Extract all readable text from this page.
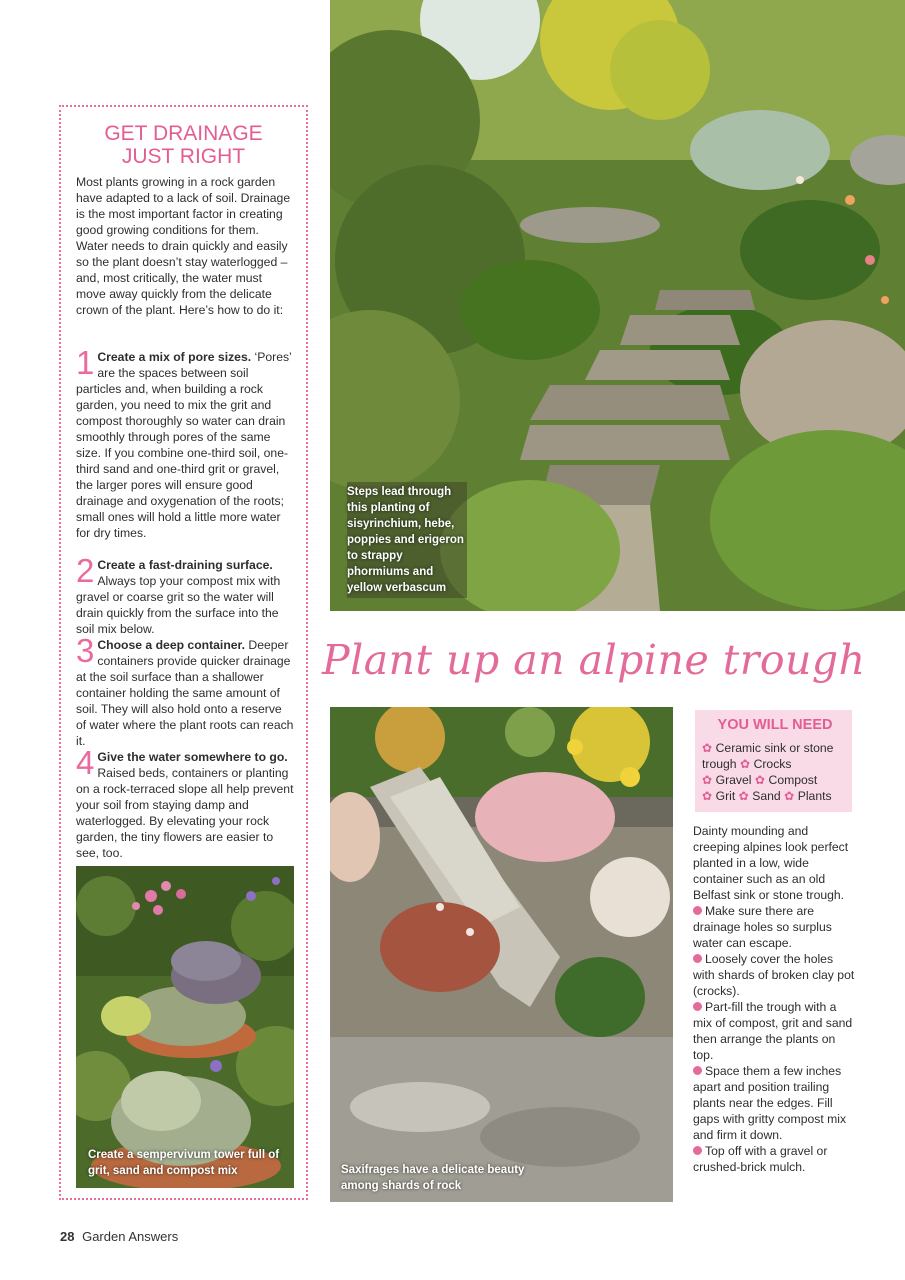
GET DRAINAGE
JUST RIGHT
Most plants growing in a rock garden have adapted to a lack of soil. Drainage is the most important factor in creating good growing conditions for them. Water needs to drain quickly and easily so the plant doesn’t stay waterlogged – and, most critically, the water must move away quickly from the delicate crown of the plant. Here’s how to do it:
1 Create a mix of pore sizes. ‘Pores’ are the spaces between soil particles and, when building a rock garden, you need to mix the grit and compost thoroughly so water can drain smoothly through pores of the same size. If you combine one-third soil, one-third sand and one-third grit or gravel, the larger pores will ensure good drainage and oxygenation of the roots; small ones will hold a little more water for dry times.
2 Create a fast-draining surface. Always top your compost mix with gravel or coarse grit so the water will drain quickly from the surface into the soil mix below.
3 Choose a deep container. Deeper containers provide quicker drainage at the soil surface than a shallower container holding the same amount of soil. They will also hold onto a reserve of water where the plant roots can reach it.
4 Give the water somewhere to go. Raised beds, containers or planting on a rock-terraced slope all help prevent your soil from staying damp and waterlogged. By elevating your rock garden, the tiny flowers are easier to see, too.
Create a sempervivum tower full of grit, sand and compost mix
Steps lead through this planting of sisyrinchium, hebe, poppies and erigeron to strappy phormiums and yellow verbascum
Plant up an alpine trough
Saxifrages have a delicate beauty among shards of rock
YOU WILL NEED
✿ Ceramic sink or stone trough ✿ Crocks
✿ Gravel ✿ Compost
✿ Grit ✿ Sand ✿ Plants
Dainty mounding and creeping alpines look perfect planted in a low, wide container such as an old Belfast sink or stone trough.
Make sure there are drainage holes so surplus water can escape.
Loosely cover the holes with shards of broken clay pot (crocks).
Part-fill the trough with a mix of compost, grit and sand then arrange the plants on top.
Space them a few inches apart and position trailing plants near the edges. Fill gaps with gritty compost mix and firm it down.
Top off with a gravel or crushed-brick mulch.
28 Garden Answers
